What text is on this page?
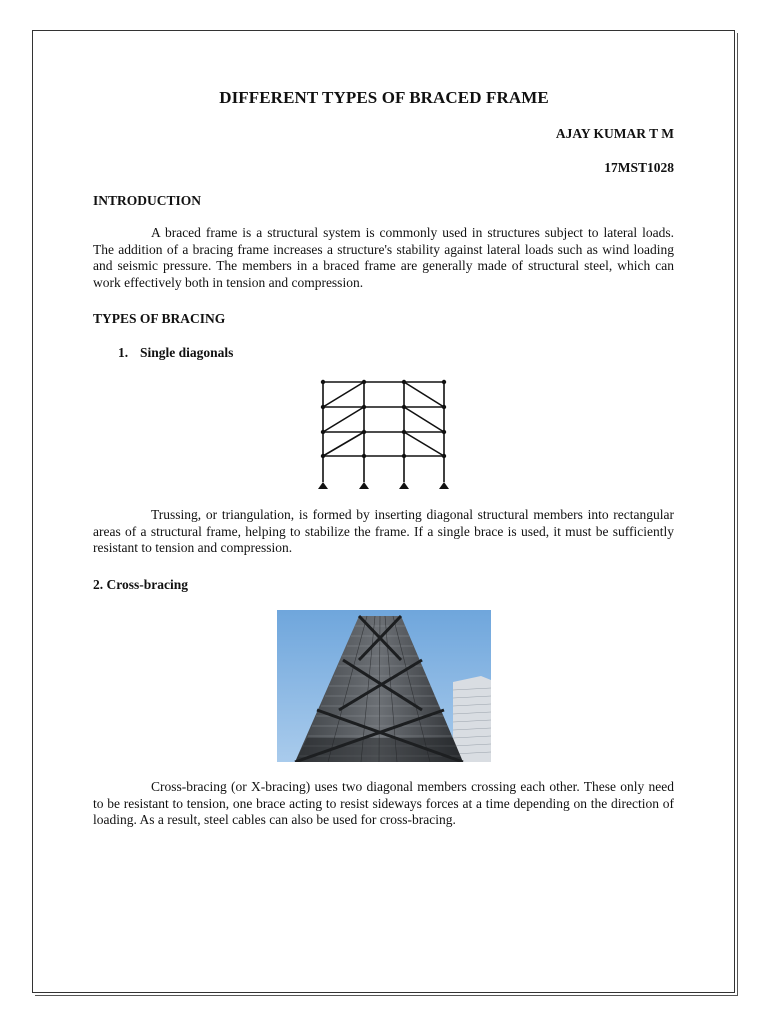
DIFFERENT TYPES OF BRACED FRAME
AJAY KUMAR T M
17MST1028
INTRODUCTION

A braced frame is a structural system is commonly used in structures subject to lateral loads. The addition of a bracing frame increases a structure's stability against lateral loads such as wind loading and seismic pressure. The members in a braced frame are generally made of structural steel, which can work effectively both in tension and compression.

TYPES OF BRACING
1. Single diagonals

Trussing, or triangulation, is formed by inserting diagonal structural members into rectangular areas of a structural frame, helping to stabilize the frame. If a single brace is used, it must be sufficiently resistant to tension and compression.

2. Cross-bracing

Cross-bracing (or X-bracing) uses two diagonal members crossing each other. These only need to be resistant to tension, one brace acting to resist sideways forces at a time depending on the direction of loading. As a result, steel cables can also be used for cross-bracing.
